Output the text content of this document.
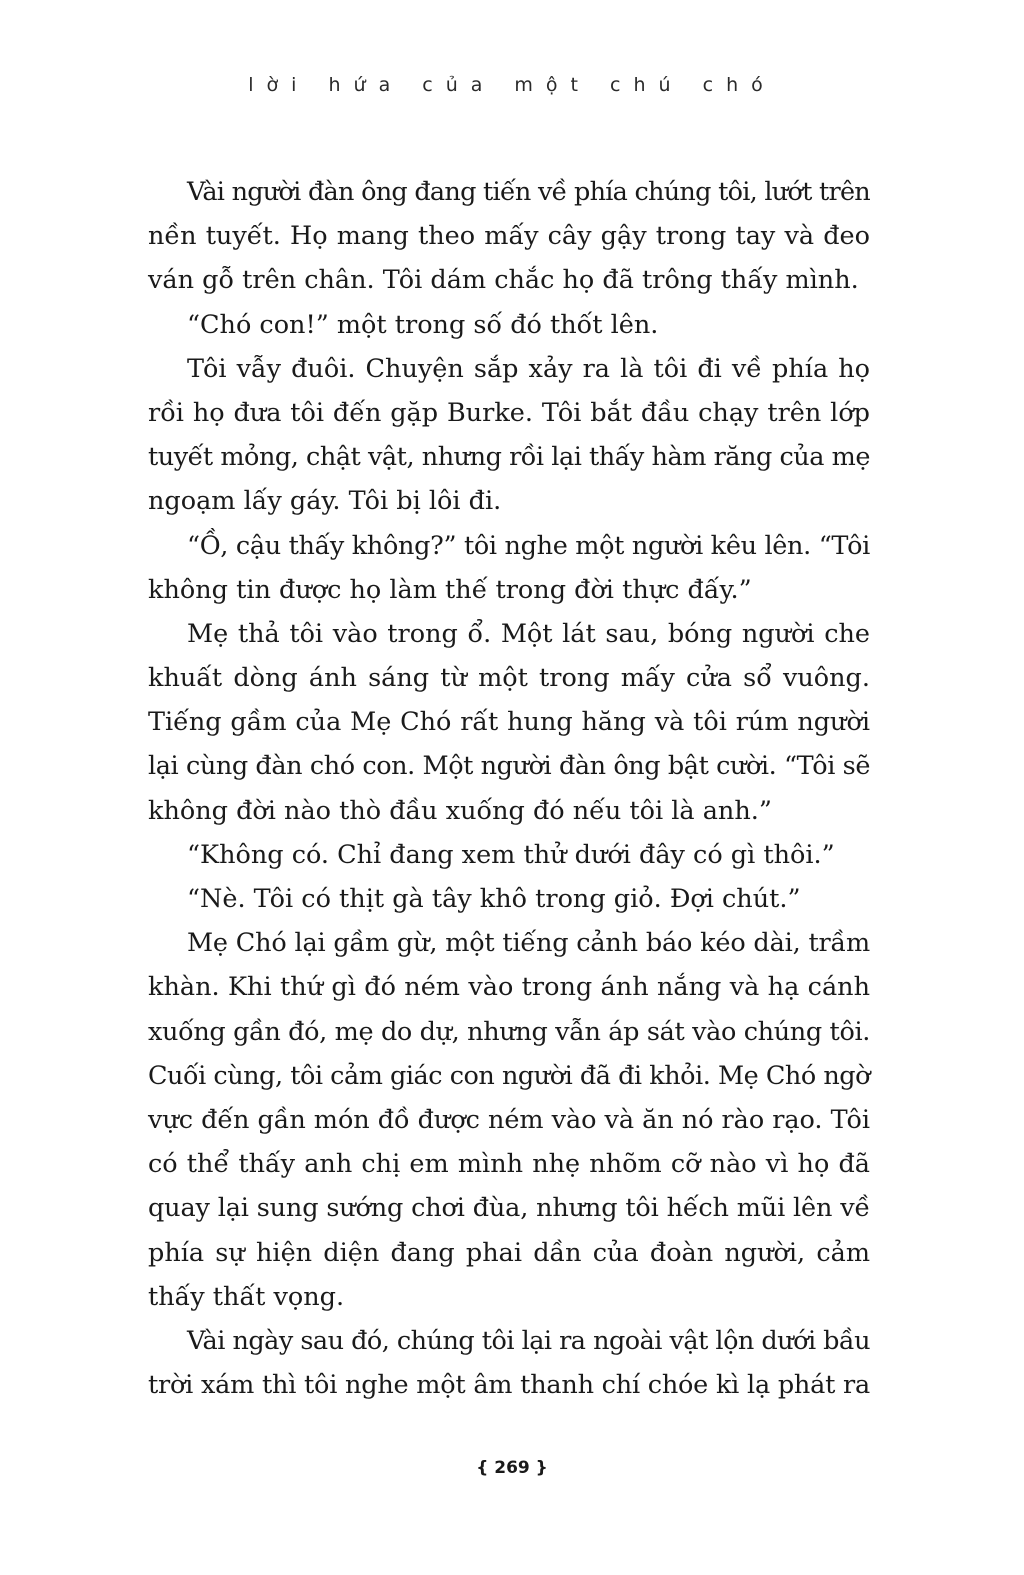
lời hứa của một chú chó
Vài người đàn ông đang tiến về phía chúng tôi, lướt trên
nền tuyết. Họ mang theo mấy cây gậy trong tay và đeo
ván gỗ trên chân. Tôi dám chắc họ đã trông thấy mình.
“Chó con!” một trong số đó thốt lên.
Tôi vẫy đuôi. Chuyện sắp xảy ra là tôi đi về phía họ
rồi họ đưa tôi đến gặp Burke. Tôi bắt đầu chạy trên lớp
tuyết mỏng, chật vật, nhưng rồi lại thấy hàm răng của mẹ
ngoạm lấy gáy. Tôi bị lôi đi.
“Ồ, cậu thấy không?” tôi nghe một người kêu lên. “Tôi
không tin được họ làm thế trong đời thực đấy.”
Mẹ thả tôi vào trong ổ. Một lát sau, bóng người che
khuất dòng ánh sáng từ một trong mấy cửa sổ vuông.
Tiếng gầm của Mẹ Chó rất hung hăng và tôi rúm người
lại cùng đàn chó con. Một người đàn ông bật cười. “Tôi sẽ
không đời nào thò đầu xuống đó nếu tôi là anh.”
“Không có. Chỉ đang xem thử dưới đây có gì thôi.”
“Nè. Tôi có thịt gà tây khô trong giỏ. Đợi chút.”
Mẹ Chó lại gầm gừ, một tiếng cảnh báo kéo dài, trầm
khàn. Khi thứ gì đó ném vào trong ánh nắng và hạ cánh
xuống gần đó, mẹ do dự, nhưng vẫn áp sát vào chúng tôi.
Cuối cùng, tôi cảm giác con người đã đi khỏi. Mẹ Chó ngờ
vực đến gần món đồ được ném vào và ăn nó rào rạo. Tôi
có thể thấy anh chị em mình nhẹ nhõm cỡ nào vì họ đã
quay lại sung sướng chơi đùa, nhưng tôi hếch mũi lên về
phía sự hiện diện đang phai dần của đoàn người, cảm
thấy thất vọng.
Vài ngày sau đó, chúng tôi lại ra ngoài vật lộn dưới bầu
trời xám thì tôi nghe một âm thanh chí chóe kì lạ phát ra
{ 269 }
